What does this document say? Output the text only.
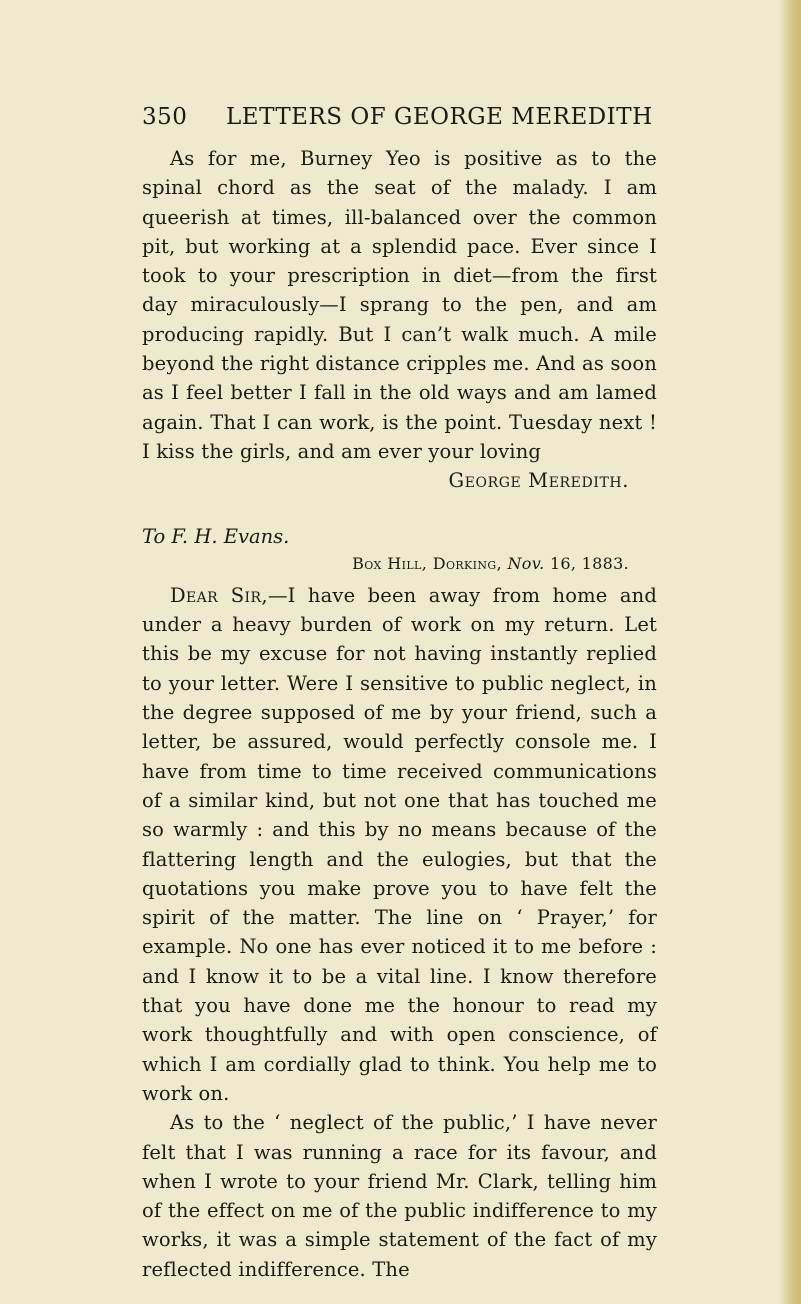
350	LETTERS OF GEORGE MEREDITH

As for me, Burney Yeo is positive as to the spinal chord as the seat of the malady. I am queerish at times, ill-balanced over the common pit, but working at a splendid pace. Ever since I took to your prescription in diet—from the first day miraculously—I sprang to the pen, and am producing rapidly. But I can’t walk much. A mile beyond the right distance cripples me. And as soon as I feel better I fall in the old ways and am lamed again. That I can work, is the point. Tuesday next ! I kiss the girls, and am ever your loving

George Meredith.
To F. H. Evans.
Box Hill, Dorking, Nov. 16, 1883.

Dear Sir,—I have been away from home and under a heavy burden of work on my return. Let this be my excuse for not having instantly replied to your letter. Were I sensitive to public neglect, in the degree supposed of me by your friend, such a letter, be assured, would perfectly console me. I have from time to time received communications of a similar kind, but not one that has touched me so warmly : and this by no means because of the flattering length and the eulogies, but that the quotations you make prove you to have felt the spirit of the matter. The line on ‘ Prayer,’ for example. No one has ever noticed it to me before : and I know it to be a vital line. I know therefore that you have done me the honour to read my work thoughtfully and with open conscience, of which I am cordially glad to think. You help me to work on.

As to the ‘ neglect of the public,’ I have never felt that I was running a race for its favour, and when I wrote to your friend Mr. Clark, telling him of the effect on me of the public indifference to my works, it was a simple statement of the fact of my reflected indifference. The
